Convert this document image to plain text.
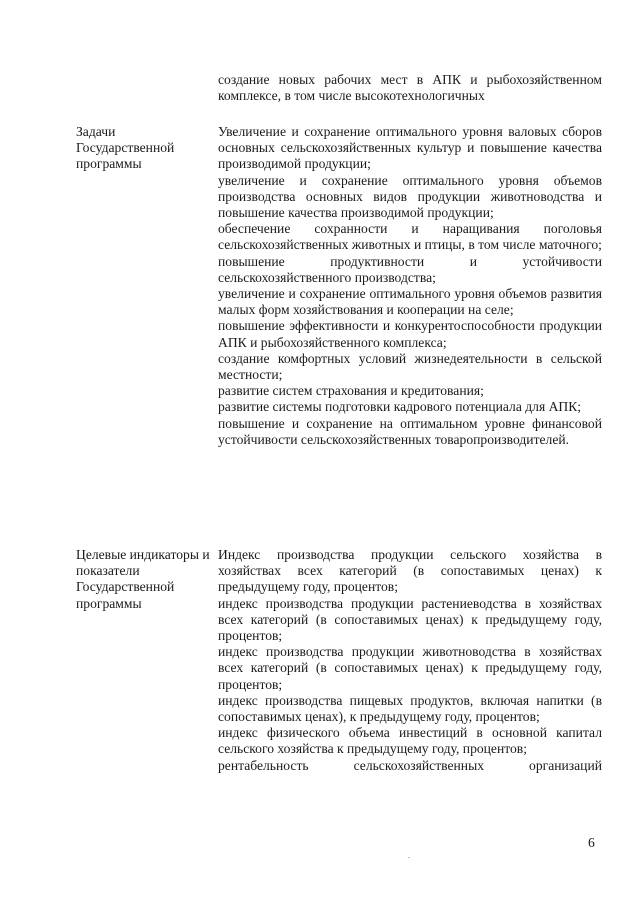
создание новых рабочих мест в АПК и рыбохозяйственном комплексе, в том числе высокотехнологичных

Задачи Государственной программы

Увеличение и сохранение оптимального уровня валовых сборов основных сельскохозяйственных культур и повышение качества производимой продукции;

увеличение и сохранение оптимального уровня объемов производства основных видов продукции животноводства и повышение качества производимой продукции;

обеспечение сохранности и наращивания поголовья сельскохозяйственных животных и птицы, в том числе маточного;

повышение продуктивности и устойчивости сельскохозяйственного производства;

увеличение и сохранение оптимального уровня объемов развития малых форм хозяйствования и кооперации на селе;

повышение эффективности и конкурентоспособности продукции АПК и рыбохозяйственного комплекса;

создание комфортных условий жизнедеятельности в сельской местности;

развитие систем страхования и кредитования;

развитие системы подготовки кадрового потенциала для АПК;

повышение и сохранение на оптимальном уровне финансовой устойчивости сельскохозяйственных товаропроизводителей.

Целевые индикаторы и показатели Государственной программы

Индекс производства продукции сельского хозяйства в хозяйствах всех категорий (в сопоставимых ценах) к предыдущему году, процентов;

индекс производства продукции растениеводства в хозяйствах всех категорий (в сопоставимых ценах) к предыдущему году, процентов;

индекс производства продукции животноводства в хозяйствах всех категорий (в сопоставимых ценах) к предыдущему году, процентов;

индекс производства пищевых продуктов, включая напитки (в сопоставимых ценах), к предыдущему году, процентов;

индекс физического объема инвестиций в основной капитал сельского хозяйства к предыдущему году, процентов;

рентабельность сельскохозяйственных организаций

6
